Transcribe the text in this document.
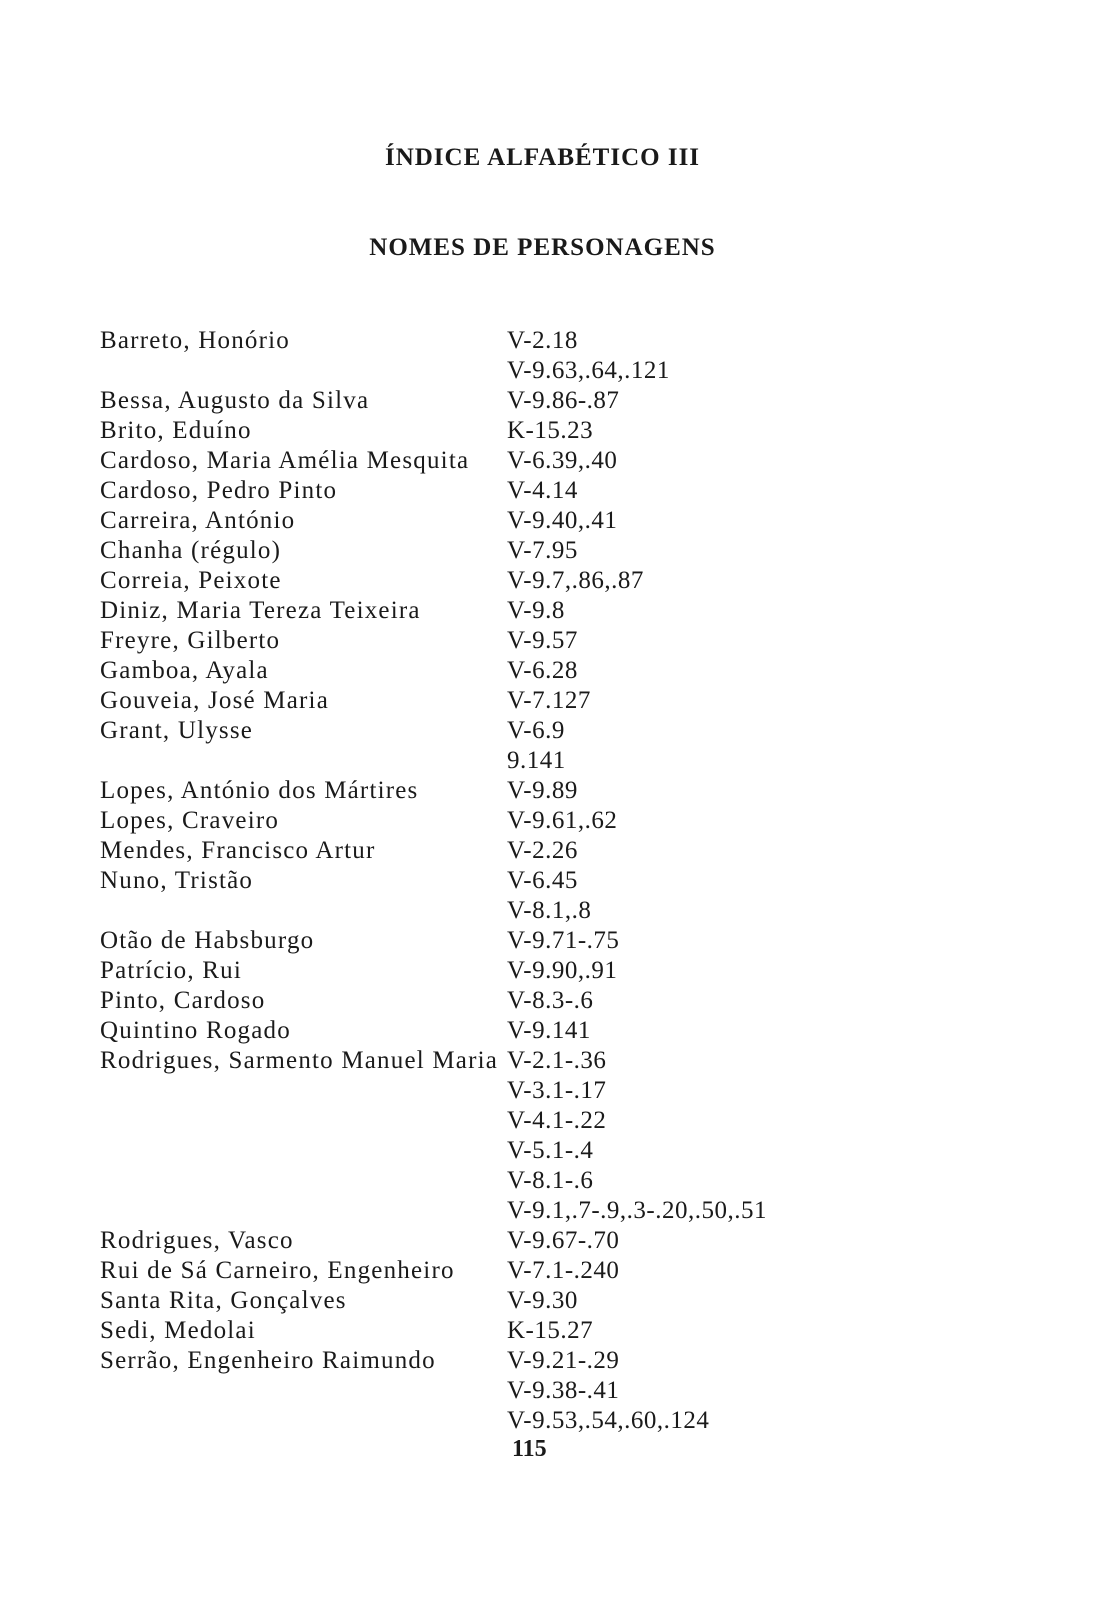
ÍNDICE ALFABÉTICO III
NOMES DE PERSONAGENS
Barreto, Honório	V-2.18
V-9.63,.64,.121
Bessa, Augusto da Silva	V-9.86-.87
Brito, Eduíno	K-15.23
Cardoso, Maria Amélia Mesquita V-6.39,.40
Cardoso, Pedro Pinto	V-4.14
Carreira, António	V-9.40,.41
Chanha (régulo)	V-7.95
Correia, Peixote	V-9.7,.86,.87
Diniz, Maria Tereza Teixeira	V-9.8
Freyre, Gilberto	V-9.57
Gamboa, Ayala	V-6.28
Gouveia, José Maria	V-7.127
Grant, Ulysse	V-6.9
9.141
Lopes, António dos Mártires	V-9.89
Lopes, Craveiro	V-9.61,.62
Mendes, Francisco Artur	V-2.26
Nuno, Tristão	V-6.45
V-8.1,.8
Otão de Habsburgo	V-9.71-.75
Patrício, Rui	V-9.90,.91
Pinto, Cardoso	V-8.3-.6
Quintino Rogado	V-9.141
Rodrigues, Sarmento Manuel Maria V-2.1-.36
V-3.1-.17
V-4.1-.22
V-5.1-.4
V-8.1-.6
V-9.1,.7-.9,.3-.20,.50,.51
Rodrigues, Vasco	V-9.67-.70
Rui de Sá Carneiro, Engenheiro V-7.1-.240
Santa Rita, Gonçalves	V-9.30
Sedi, Medolai	K-15.27
Serrão, Engenheiro Raimundo	V-9.21-.29
V-9.38-.41
V-9.53,.54,.60,.124
115
